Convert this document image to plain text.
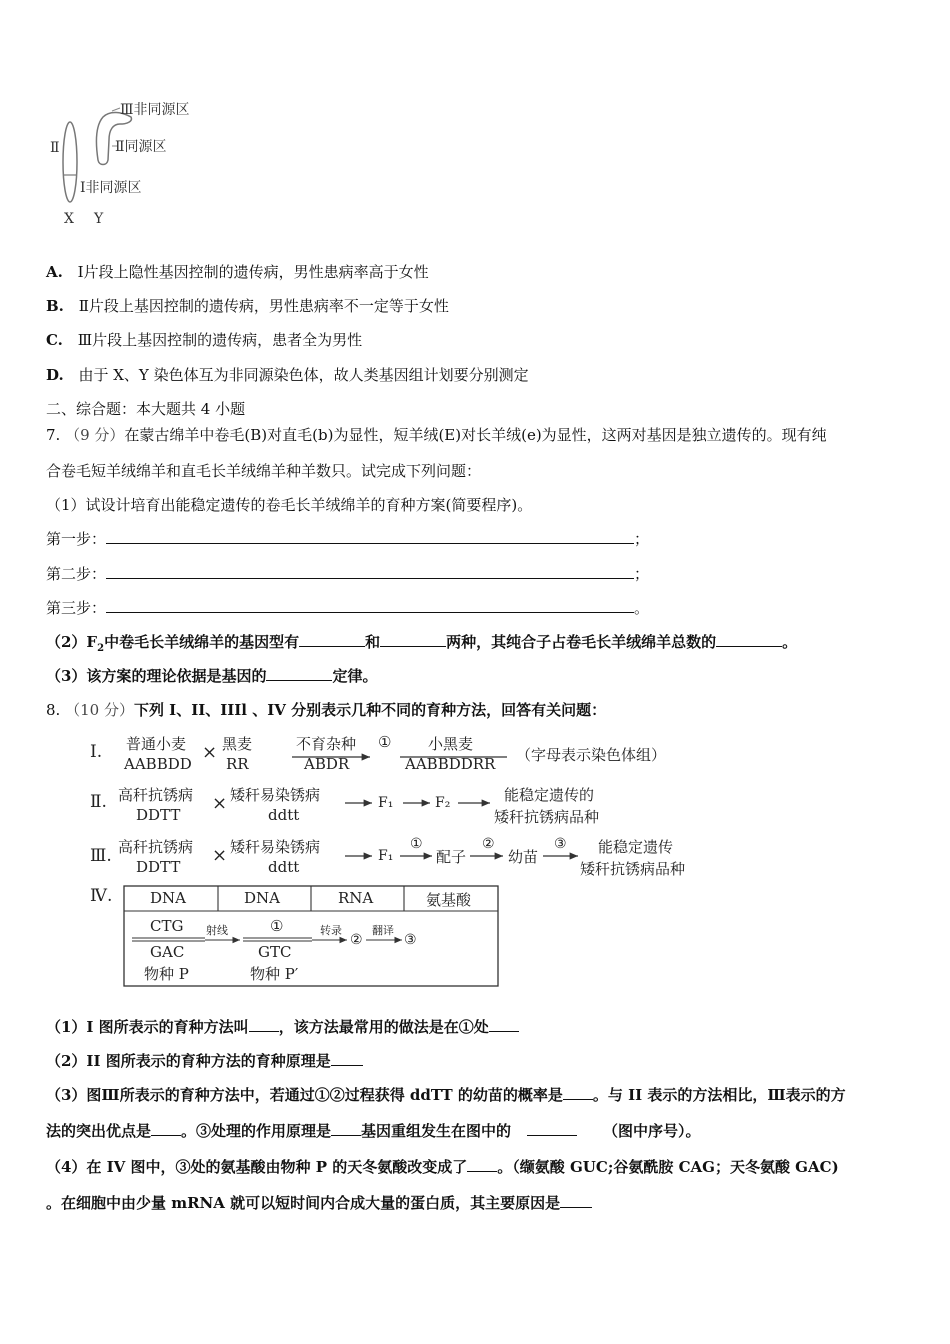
Ⅲ非同源区
Ⅱ同源区
Ⅰ非同源区
Ⅱ
X Y
A. Ⅰ片段上隐性基因控制的遗传病，男性患病率高于女性
B. Ⅱ片段上基因控制的遗传病，男性患病率不一定等于女性
C. Ⅲ片段上基因控制的遗传病，患者全为男性
D. 由于 X、Y 染色体互为非同源染色体，故人类基因组计划要分别测定
二、综合题：本大题共 4 小题
7. （9 分）在蒙古绵羊中卷毛(B)对直毛(b)为显性，短羊绒(E)对长羊绒(e)为显性，这两对基因是独立遗传的。现有纯
合卷毛短羊绒绵羊和直毛长羊绒绵羊种羊数只。试完成下列问题：
（1）试设计培育出能稳定遗传的卷毛长羊绒绵羊的育种方案(简要程序)。
第一步：	；
第二步：	；
第三步：	。
$(2)F_2$中卷毛长羊绒绵羊的基因型有	和	两种，其纯合子占卷毛长羊绒绵羊总数的	。
（3）该方案的理论依据是基因的	定律。
8. （10 分）下列 I、II、IIIl 、IV 分别表示几种不同的育种方法，回答有关问题：
Ⅰ. 普通小麦
AABBDD
× 黑麦
RR
不育杂种
ABDR
① 小黑麦
AABBDDRR （字母表示染色体组）
Ⅱ. 高秆抗锈病
DDTT
× 矮秆易染锈病
ddtt
F₁	F₂	能稳定遗传的
矮秆抗锈病品种
Ⅲ. 高秆抗锈病
DDTT
× 矮秆易染锈病
ddtt
F₁
①
配子
②
幼苗
③ 能稳定遗传
矮秆抗锈病品种
Ⅳ.	DNA	DNA	RNA	氨基酸
CTG
GAC
物种 P
射线	①
GTC
物种 P′
转录
②
翻译
③
（1）I 图所表示的育种方法叫 ，该方法最常用的做法是在①处
（2）II 图所表示的育种方法的育种原理是
（3）图Ⅲ所表示的育种方法中，若通过①②过程获得 ddTT 的幼苗的概率是 。与 II 表示的方法相比，Ⅲ表示的方
法的突出优点是 。③处理的作用原理是 基因重组发生在图中的	（图中序号）。
（4）在 IV 图中，③处的氨基酸由物种 P 的天冬氨酸改变成了 。（缬氨酸 GUC;谷氨酰胺 CAG；天冬氨酸 GAC)
。在细胞中由少量 mRNA 就可以短时间内合成大量的蛋白质，其主要原因是
